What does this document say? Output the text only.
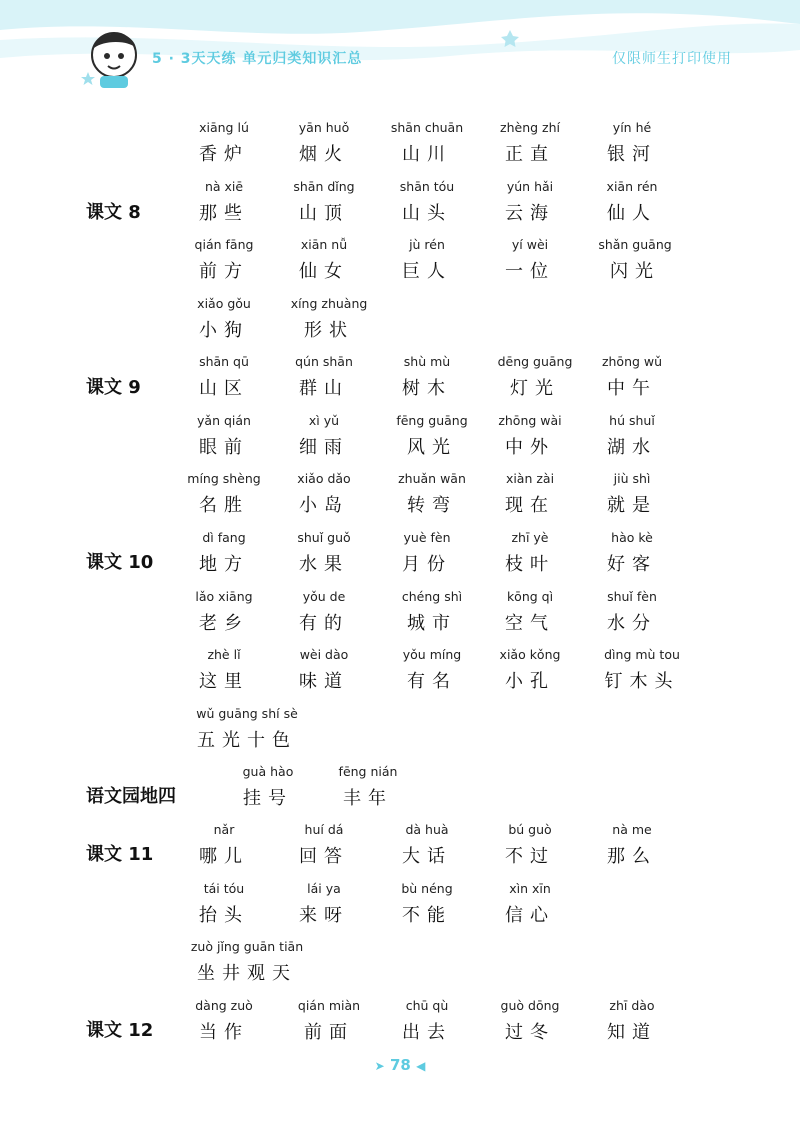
5 · 3天天练 单元归类知识汇总	仅限师生打印使用
课文 8
xiāng lú
香炉
yān huǒ
烟火
shān chuān
山川
zhèng zhí
正直
yín hé
银河
nà xiē
那些
shān dǐng
山顶
shān tóu
山头
yún hǎi
云海
xiān rén
仙人
qián fāng
前方
xiān nǚ
仙女
jù rén
巨人
yí wèi
一位
shǎn guāng
闪光
xiǎo gǒu
小狗
xíng zhuàng
形状
课文 9
shān qū
山区
qún shān
群山
shù mù
树木
dēng guāng
灯光
zhōng wǔ
中午
yǎn qián
眼前
xì yǔ
细雨
fēng guāng
风光
zhōng wài
中外
hú shuǐ
湖水
míng shèng
名胜
xiǎo dǎo
小岛
zhuǎn wān
转弯
xiàn zài
现在
jiù shì
就是
课文 10
dì fang
地方
shuǐ guǒ
水果
yuè fèn
月份
zhī yè
枝叶
hào kè
好客
lǎo xiāng
老乡
yǒu de
有的
chéng shì
城市
kōng qì
空气
shuǐ fèn
水分
zhè lǐ
这里
wèi dào
味道
yǒu míng
有名
xiǎo kǒng
小孔
dìng mù tou
钉木头
wǔ guāng shí sè
五光十色
语文园地四
guà hào
挂号
fēng nián
丰年
课文 11
nǎr
哪儿
huí dá
回答
dà huà
大话
bú guò
不过
nà me
那么
tái tóu
抬头
lái ya
来呀
bù néng
不能
xìn xīn
信心
zuò jǐng guān tiān
坐井观天
课文 12
dàng zuò
当作
qián miàn
前面
chū qù
出去
guò dōng
过冬
zhī dào
知道
➤ 78 ◀
